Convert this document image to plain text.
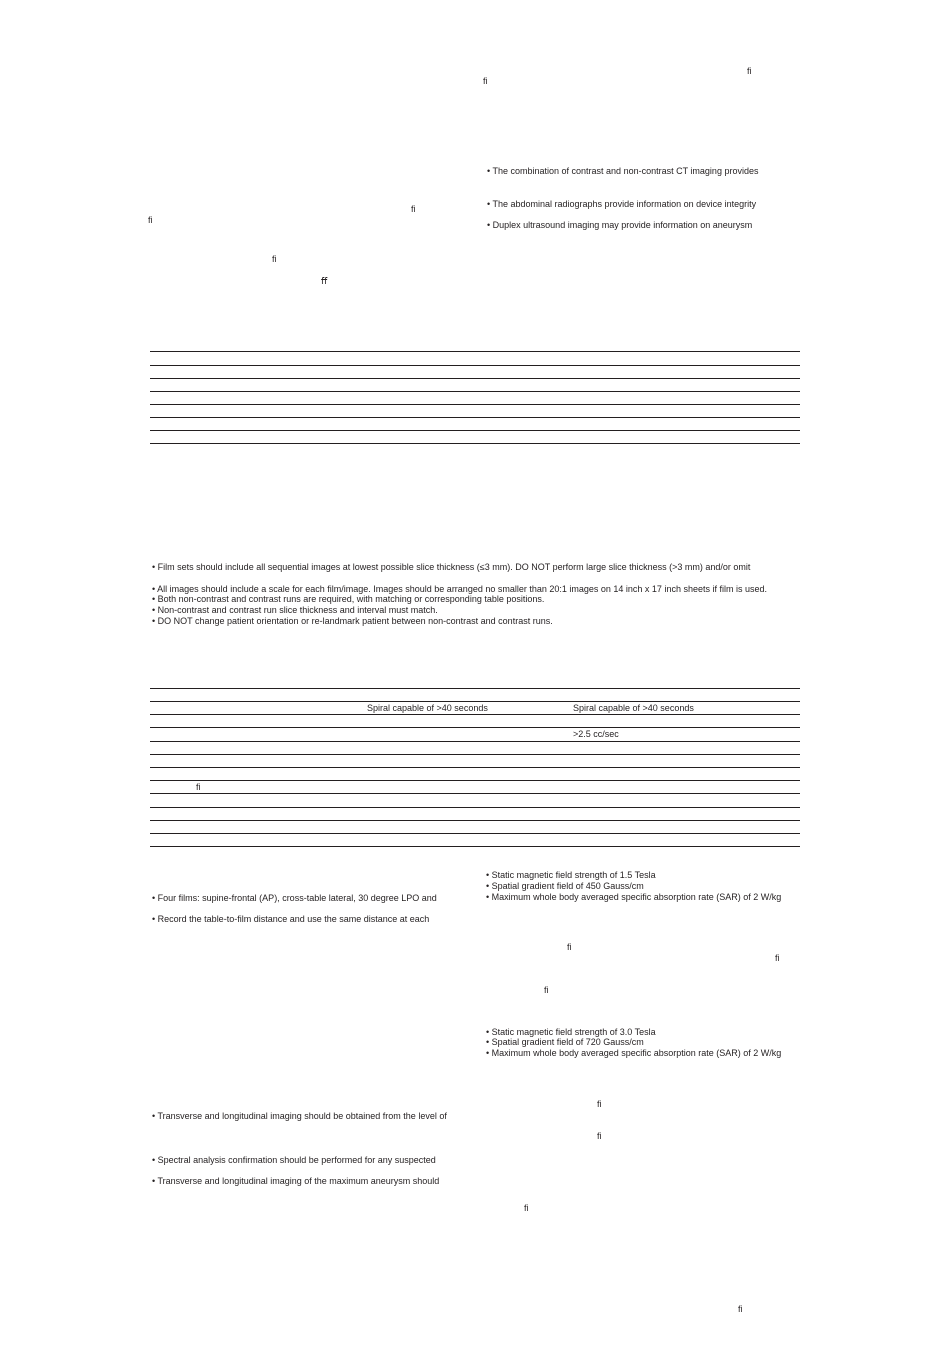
ﬁ
ﬁ
ﬁ
ﬁ
ﬁ
ﬀ
• The combination of contrast and non-contrast CT imaging provides
• The abdominal radiographs provide information on device integrity
• Duplex ultrasound imaging may provide information on aneurysm
• Film sets should include all sequential images at lowest possible slice thickness (≤3 mm). DO NOT perform large slice thickness (>3 mm) and/or omit
• All images should include a scale for each film/image. Images should be arranged no smaller than 20:1 images on 14 inch x 17 inch sheets if film is used.
• Both non-contrast and contrast runs are required, with matching or corresponding table positions.
• Non-contrast and contrast run slice thickness and interval must match.
• DO NOT change patient orientation or re-landmark patient between non-contrast and contrast runs.
Spiral capable of >40 seconds	Spiral capable of >40 seconds
>2.5 cc/sec
ﬁ
• Four films: supine-frontal (AP), cross-table lateral, 30 degree LPO and
• Record the table-to-film distance and use the same distance at each
• Static magnetic field strength of 1.5 Tesla
• Spatial gradient field of 450 Gauss/cm
• Maximum whole body averaged specific absorption rate (SAR) of 2 W/kg
ﬁ
ﬁ
ﬁ
• Static magnetic field strength of 3.0 Tesla
• Spatial gradient field of 720 Gauss/cm
• Maximum whole body averaged specific absorption rate (SAR) of 2 W/kg
ﬁ
ﬁ
ﬁ
ﬁ
• Transverse and longitudinal imaging should be obtained from the level of
• Spectral analysis confirmation should be performed for any suspected
• Transverse and longitudinal imaging of the maximum aneurysm should
